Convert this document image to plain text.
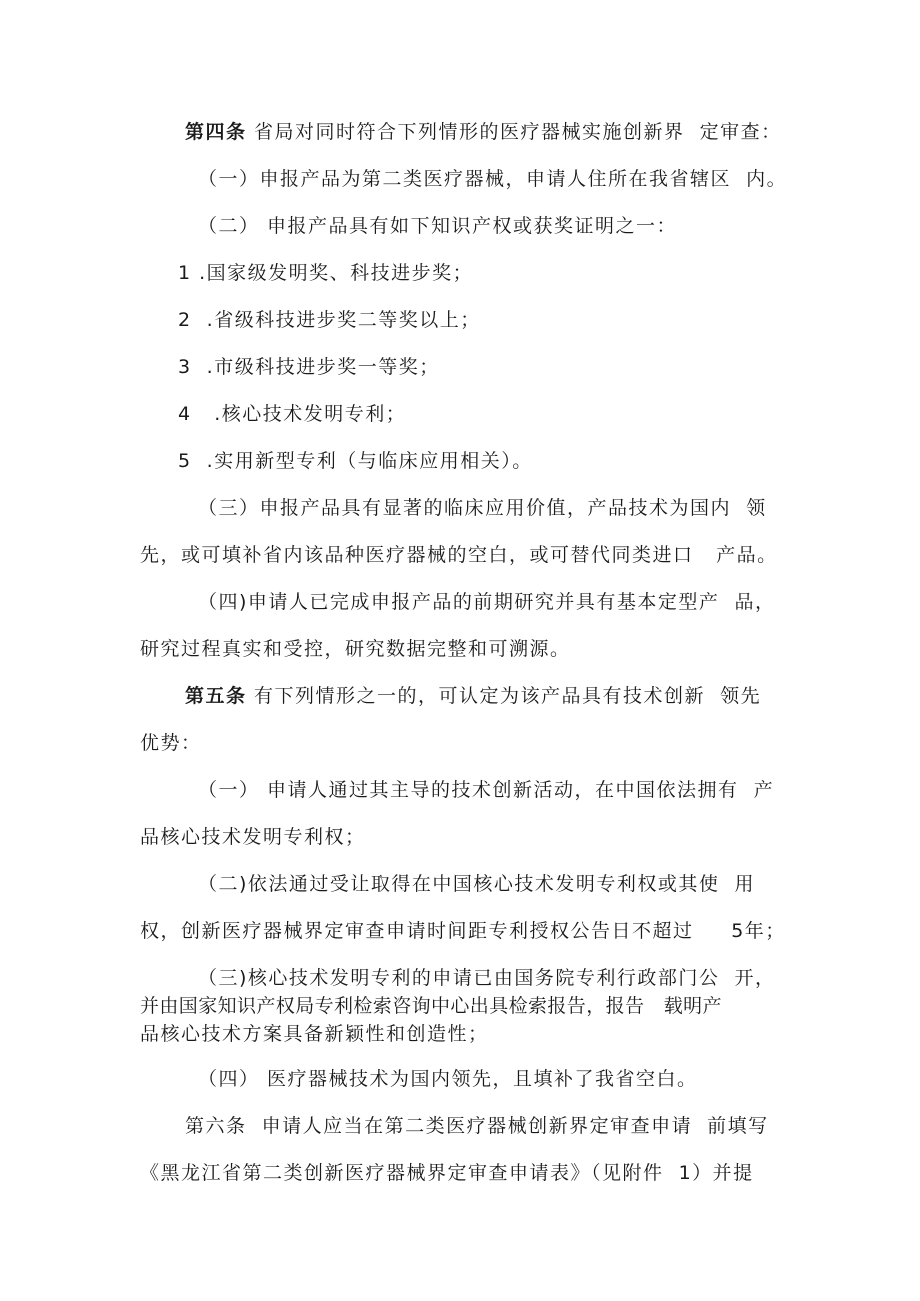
第四条 省局对同时符合下列情形的医疗器械实施创新界  定审查：
（一）申报产品为第二类医疗器械，申请人住所在我省辖区  内。
（二） 申报产品具有如下知识产权或获奖证明之一：
1 .国家级发明奖、科技进步奖；
2  .省级科技进步奖二等奖以上；
3  .市级科技进步奖一等奖；
4   .核心技术发明专利；
5  .实用新型专利（与临床应用相关）。
（三）申报产品具有显著的临床应用价值，产品技术为国内  领
先，或可填补省内该品种医疗器械的空白，或可替代同类进口   产品。
（四)申请人已完成申报产品的前期研究并具有基本定型产  品，
研究过程真实和受控，研究数据完整和可溯源。
第五条 有下列情形之一的，可认定为该产品具有技术创新  领先
优势：
（一） 申请人通过其主导的技术创新活动，在中国依法拥有  产
品核心技术发明专利权；
（二)依法通过受让取得在中国核心技术发明专利权或其使  用
权，创新医疗器械界定审查申请时间距专利授权公告日不超过     5年；
（三)核心技术发明专利的申请已由国务院专利行政部门公  开，
并由国家知识产权局专利检索咨询中心出具检索报告，报告   载明产
品核心技术方案具备新颖性和创造性；
（四） 医疗器械技术为国内领先，且填补了我省空白。
第六条  申请人应当在第二类医疗器械创新界定审查申请  前填写
《黑龙江省第二类创新医疗器械界定审查申请表》（见附件  1）并提
